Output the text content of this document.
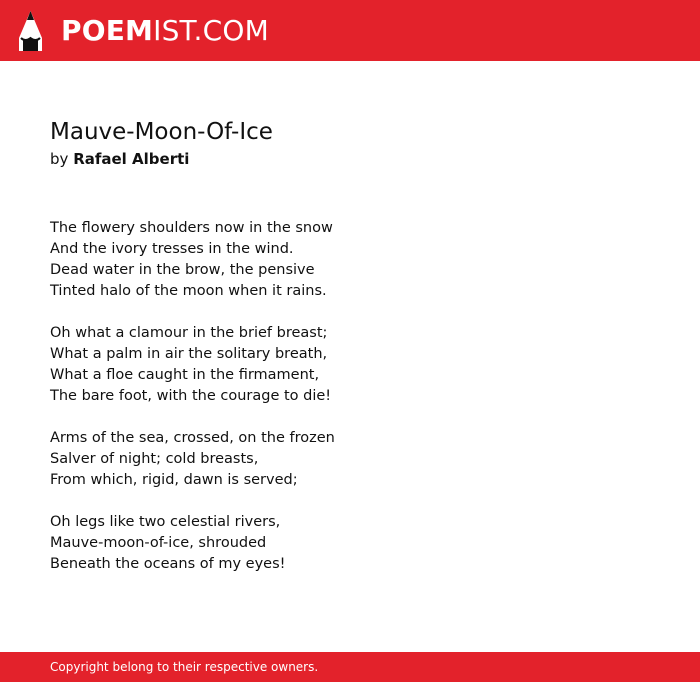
POEMIST.COM
Mauve-Moon-Of-Ice

by Rafael Alberti

The flowery shoulders now in the snow
And the ivory tresses in the wind.
Dead water in the brow, the pensive
Tinted halo of the moon when it rains.

Oh what a clamour in the brief breast;
What a palm in air the solitary breath,
What a floe caught in the firmament,
The bare foot, with the courage to die!

Arms of the sea, crossed, on the frozen
Salver of night; cold breasts,
From which, rigid, dawn is served;

Oh legs like two celestial rivers,
Mauve-moon-of-ice, shrouded
Beneath the oceans of my eyes!

Copyright belong to their respective owners.
